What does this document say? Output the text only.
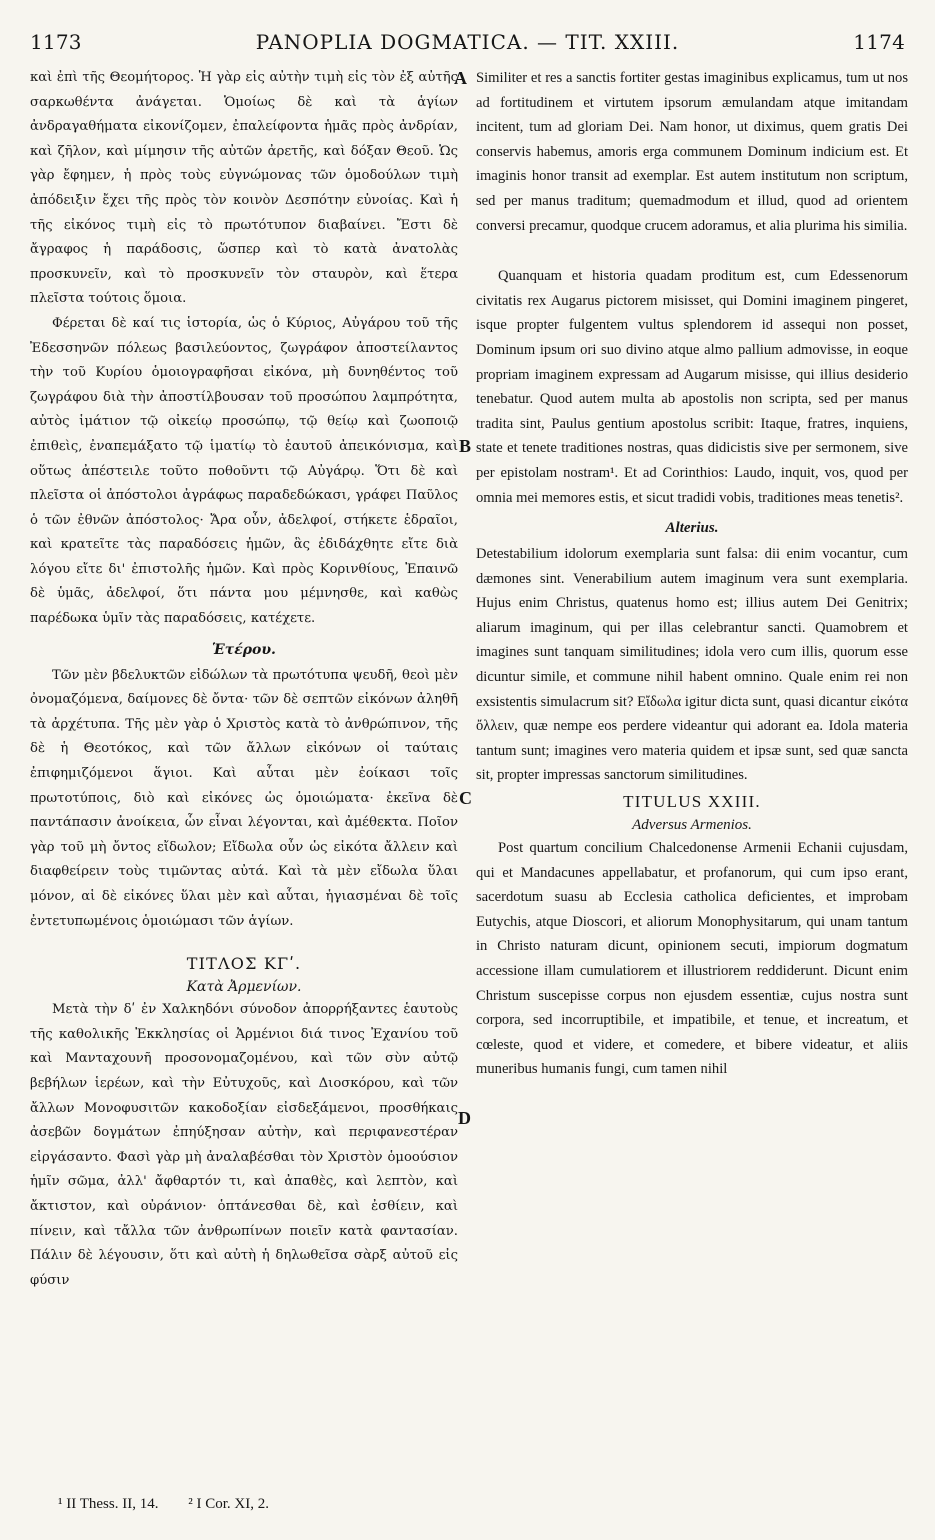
1173	PANOPLIA DOGMATICA. — TIT. XXIII.	1174

καὶ ἐπὶ τῆς Θεομήτορος. Ἡ γὰρ εἰς αὐτὴν τιμὴ εἰς τὸν ἐξ αὐτῆς σαρκωθέντα ἀνάγεται. Ὁμοίως δὲ καὶ τὰ ἁγίων ἀνδραγαθήματα εἰκονίζομεν, ἐπαλείφοντα ἡμᾶς πρὸς ἀνδρίαν, καὶ ζῆλον, καὶ μίμησιν τῆς αὐτῶν ἀρετῆς, καὶ δόξαν Θεοῦ. Ὡς γὰρ ἔφημεν, ἡ πρὸς τοὺς εὐγνώμονας τῶν ὁμοδούλων τιμὴ ἀπόδειξιν ἔχει τῆς πρὸς τὸν κοινὸν Δεσπότην εὐνοίας. Καὶ ἡ τῆς εἰκόνος τιμὴ εἰς τὸ πρωτότυπον διαβαίνει. Ἔστι δὲ ἄγραφος ἡ παράδοσις, ὥσπερ καὶ τὸ κατὰ ἀνατολὰς προσκυνεῖν, καὶ τὸ προσκυνεῖν τὸν σταυρὸν, καὶ ἕτερα πλεῖστα τούτοις ὅμοια.

Φέρεται δὲ καί τις ἱστορία, ὡς ὁ Κύριος, Αὐγάρου τοῦ τῆς Ἐδεσσηνῶν πόλεως βασιλεύοντος, ζωγράφον ἀποστείλαντος τὴν τοῦ Κυρίου ὁμοιογραφῆσαι εἰκόνα, μὴ δυνηθέντος τοῦ ζωγράφου διὰ τὴν ἀποστίλβουσαν τοῦ προσώπου λαμπρότητα, αὐτὸς ἱμάτιον τῷ οἰκείῳ προσώπῳ, τῷ θείῳ καὶ ζωοποιῷ ἐπιθεὶς, ἐναπεμάξατο τῷ ἱματίῳ τὸ ἑαυτοῦ ἀπεικόνισμα, καὶ οὕτως ἀπέστειλε τοῦτο ποθοῦντι τῷ Αὐγάρῳ. Ὅτι δὲ καὶ πλεῖστα οἱ ἀπόστολοι ἀγράφως παραδεδώκασι, γράφει Παῦλος ὁ τῶν ἐθνῶν ἀπόστολος· Ἄρα οὖν, ἀδελφοί, στήκετε ἑδραῖοι, καὶ κρατεῖτε τὰς παραδόσεις ἡμῶν, ἃς ἐδιδάχθητε εἴτε διὰ λόγου εἴτε δι' ἐπιστολῆς ἡμῶν. Καὶ πρὸς Κορινθίους, Ἐπαινῶ δὲ ὑμᾶς, ἀδελφοί, ὅτι πάντα μου μέμνησθε, καὶ καθὼς παρέδωκα ὑμῖν τὰς παραδόσεις, κατέχετε.

Ἑτέρου.

Τῶν μὲν βδελυκτῶν εἰδώλων τὰ πρωτότυπα ψευδῆ, θεοὶ μὲν ὀνομαζόμενα, δαίμονες δὲ ὄντα· τῶν δὲ σεπτῶν εἰκόνων ἀληθῆ τὰ ἀρχέτυπα. Τῆς μὲν γὰρ ὁ Χριστὸς κατὰ τὸ ἀνθρώπινον, τῆς δὲ ἡ Θεοτόκος, καὶ τῶν ἄλλων εἰκόνων οἱ ταύταις ἐπιφημιζόμενοι ἅγιοι. Καὶ αὗται μὲν ἐοίκασι τοῖς πρωτοτύποις, διὸ καὶ εἰκόνες ὡς ὁμοιώματα· ἐκεῖνα δὲ παντάπασιν ἀνοίκεια, ὧν εἶναι λέγονται, καὶ ἀμέθεκτα. Ποῖον γὰρ τοῦ μὴ ὄντος εἴδωλον; Εἴδωλα οὖν ὡς εἰκότα ἄλλειν καὶ διαφθείρειν τοὺς τιμῶντας αὐτά. Καὶ τὰ μὲν εἴδωλα ὕλαι μόνον, αἱ δὲ εἰκόνες ὕλαι μὲν καὶ αὗται, ἡγιασμέναι δὲ τοῖς ἐντετυπωμένοις ὁμοιώμασι τῶν ἁγίων.

ΤΙΤΛΟΣ ΚΓʹ.
Κατὰ Ἀρμενίων.

Μετὰ τὴν δʹ ἐν Χαλκηδόνι σύνοδον ἀπορρήξαντες ἑαυτοὺς τῆς καθολικῆς Ἐκκλησίας οἱ Ἀρμένιοι διά τινος Ἐχανίου τοῦ καὶ Μανταχουνῆ προσονομαζομένου, καὶ τῶν σὺν αὐτῷ βεβήλων ἱερέων, καὶ τὴν Εὐτυχοῦς, καὶ Διοσκόρου, καὶ τῶν ἄλλων Μονοφυσιτῶν κακοδοξίαν εἰσδεξάμενοι, προσθήκαις ἀσεβῶν δογμάτων ἐπηύξησαν αὐτὴν, καὶ περιφανεστέραν εἰργάσαντο. Φασὶ γὰρ μὴ ἀναλαβέσθαι τὸν Χριστὸν ὁμοούσιον ἡμῖν σῶμα, ἀλλ' ἄφθαρτόν τι, καὶ ἀπαθὲς, καὶ λεπτὸν, καὶ ἄκτιστον, καὶ οὐράνιον· ὁπτάνεσθαι δὲ, καὶ ἐσθίειν, καὶ πίνειν, καὶ τἄλλα τῶν ἀνθρωπίνων ποιεῖν κατὰ φαντασίαν. Πάλιν δὲ λέγουσιν, ὅτι καὶ αὐτὴ ἡ δηλωθεῖσα σὰρξ αὐτοῦ εἰς φύσιν

A
B
C
D

Similiter et res a sanctis fortiter gestas imaginibus explicamus, tum ut nos ad fortitudinem et virtutem ipsorum æmulandam atque imitandam incitent, tum ad gloriam Dei. Nam honor, ut diximus, quem gratis Dei conservis habemus, amoris erga communem Dominum indicium est. Et imaginis honor transit ad exemplar. Est autem institutum non scriptum, sed per manus traditum; quemadmodum et illud, quod ad orientem conversi precamur, quodque crucem adoramus, et alia plurima his similia.

Quanquam et historia quadam proditum est, cum Edessenorum civitatis rex Augarus pictorem misisset, qui Domini imaginem pingeret, isque propter fulgentem vultus splendorem id assequi non posset, Dominum ipsum ori suo divino atque almo pallium admovisse, in eoque propriam imaginem expressam ad Augarum misisse, qui illius desiderio tenebatur. Quod autem multa ab apostolis non scripta, sed per manus tradita sint, Paulus gentium apostolus scribit: Itaque, fratres, inquiens, state et tenete traditiones nostras, quas didicistis sive per sermonem, sive per epistolam nostram¹. Et ad Corinthios: Laudo, inquit, vos, quod per omnia mei memores estis, et sicut tradidi vobis, traditiones meas tenetis².

Alterius.

Detestabilium idolorum exemplaria sunt falsa: dii enim vocantur, cum dæmones sint. Venerabilium autem imaginum vera sunt exemplaria. Hujus enim Christus, quatenus homo est; illius autem Dei Genitrix; aliarum imaginum, qui per illas celebrantur sancti. Quamobrem et imagines sunt tanquam similitudines; idola vero cum illis, quorum esse dicuntur simile, et commune nihil habent omnino. Quale enim rei non exsistentis simulacrum sit? Εἴδωλα igitur dicta sunt, quasi dicantur εἰκότα ὄλλειν, quæ nempe eos perdere videantur qui adorant ea. Idola materia tantum sunt; imagines vero materia quidem et ipsæ sunt, sed quæ sancta sit, propter impressas sanctorum similitudines.

TITULUS XXIII.
Adversus Armenios.

Post quartum concilium Chalcedonense Armenii Echanii cujusdam, qui et Mandacunes appellabatur, et profanorum, qui cum ipso erant, sacerdotum suasu ab Ecclesia catholica deficientes, et improbam Eutychis, atque Dioscori, et aliorum Monophysitarum, qui unam tantum in Christo naturam dicunt, opinionem secuti, impiorum dogmatum accessione illam cumulatiorem et illustriorem reddiderunt. Dicunt enim Christum suscepisse corpus non ejusdem essentiæ, cujus nostra sunt corpora, sed incorruptibile, et impatibile, et tenue, et increatum, et cœleste, quod et videre, et comedere, et bibere videatur, et aliis muneribus humanis fungi, cum tamen nihil

¹ II Thess. II, 14. ² I Cor. XI, 2.
